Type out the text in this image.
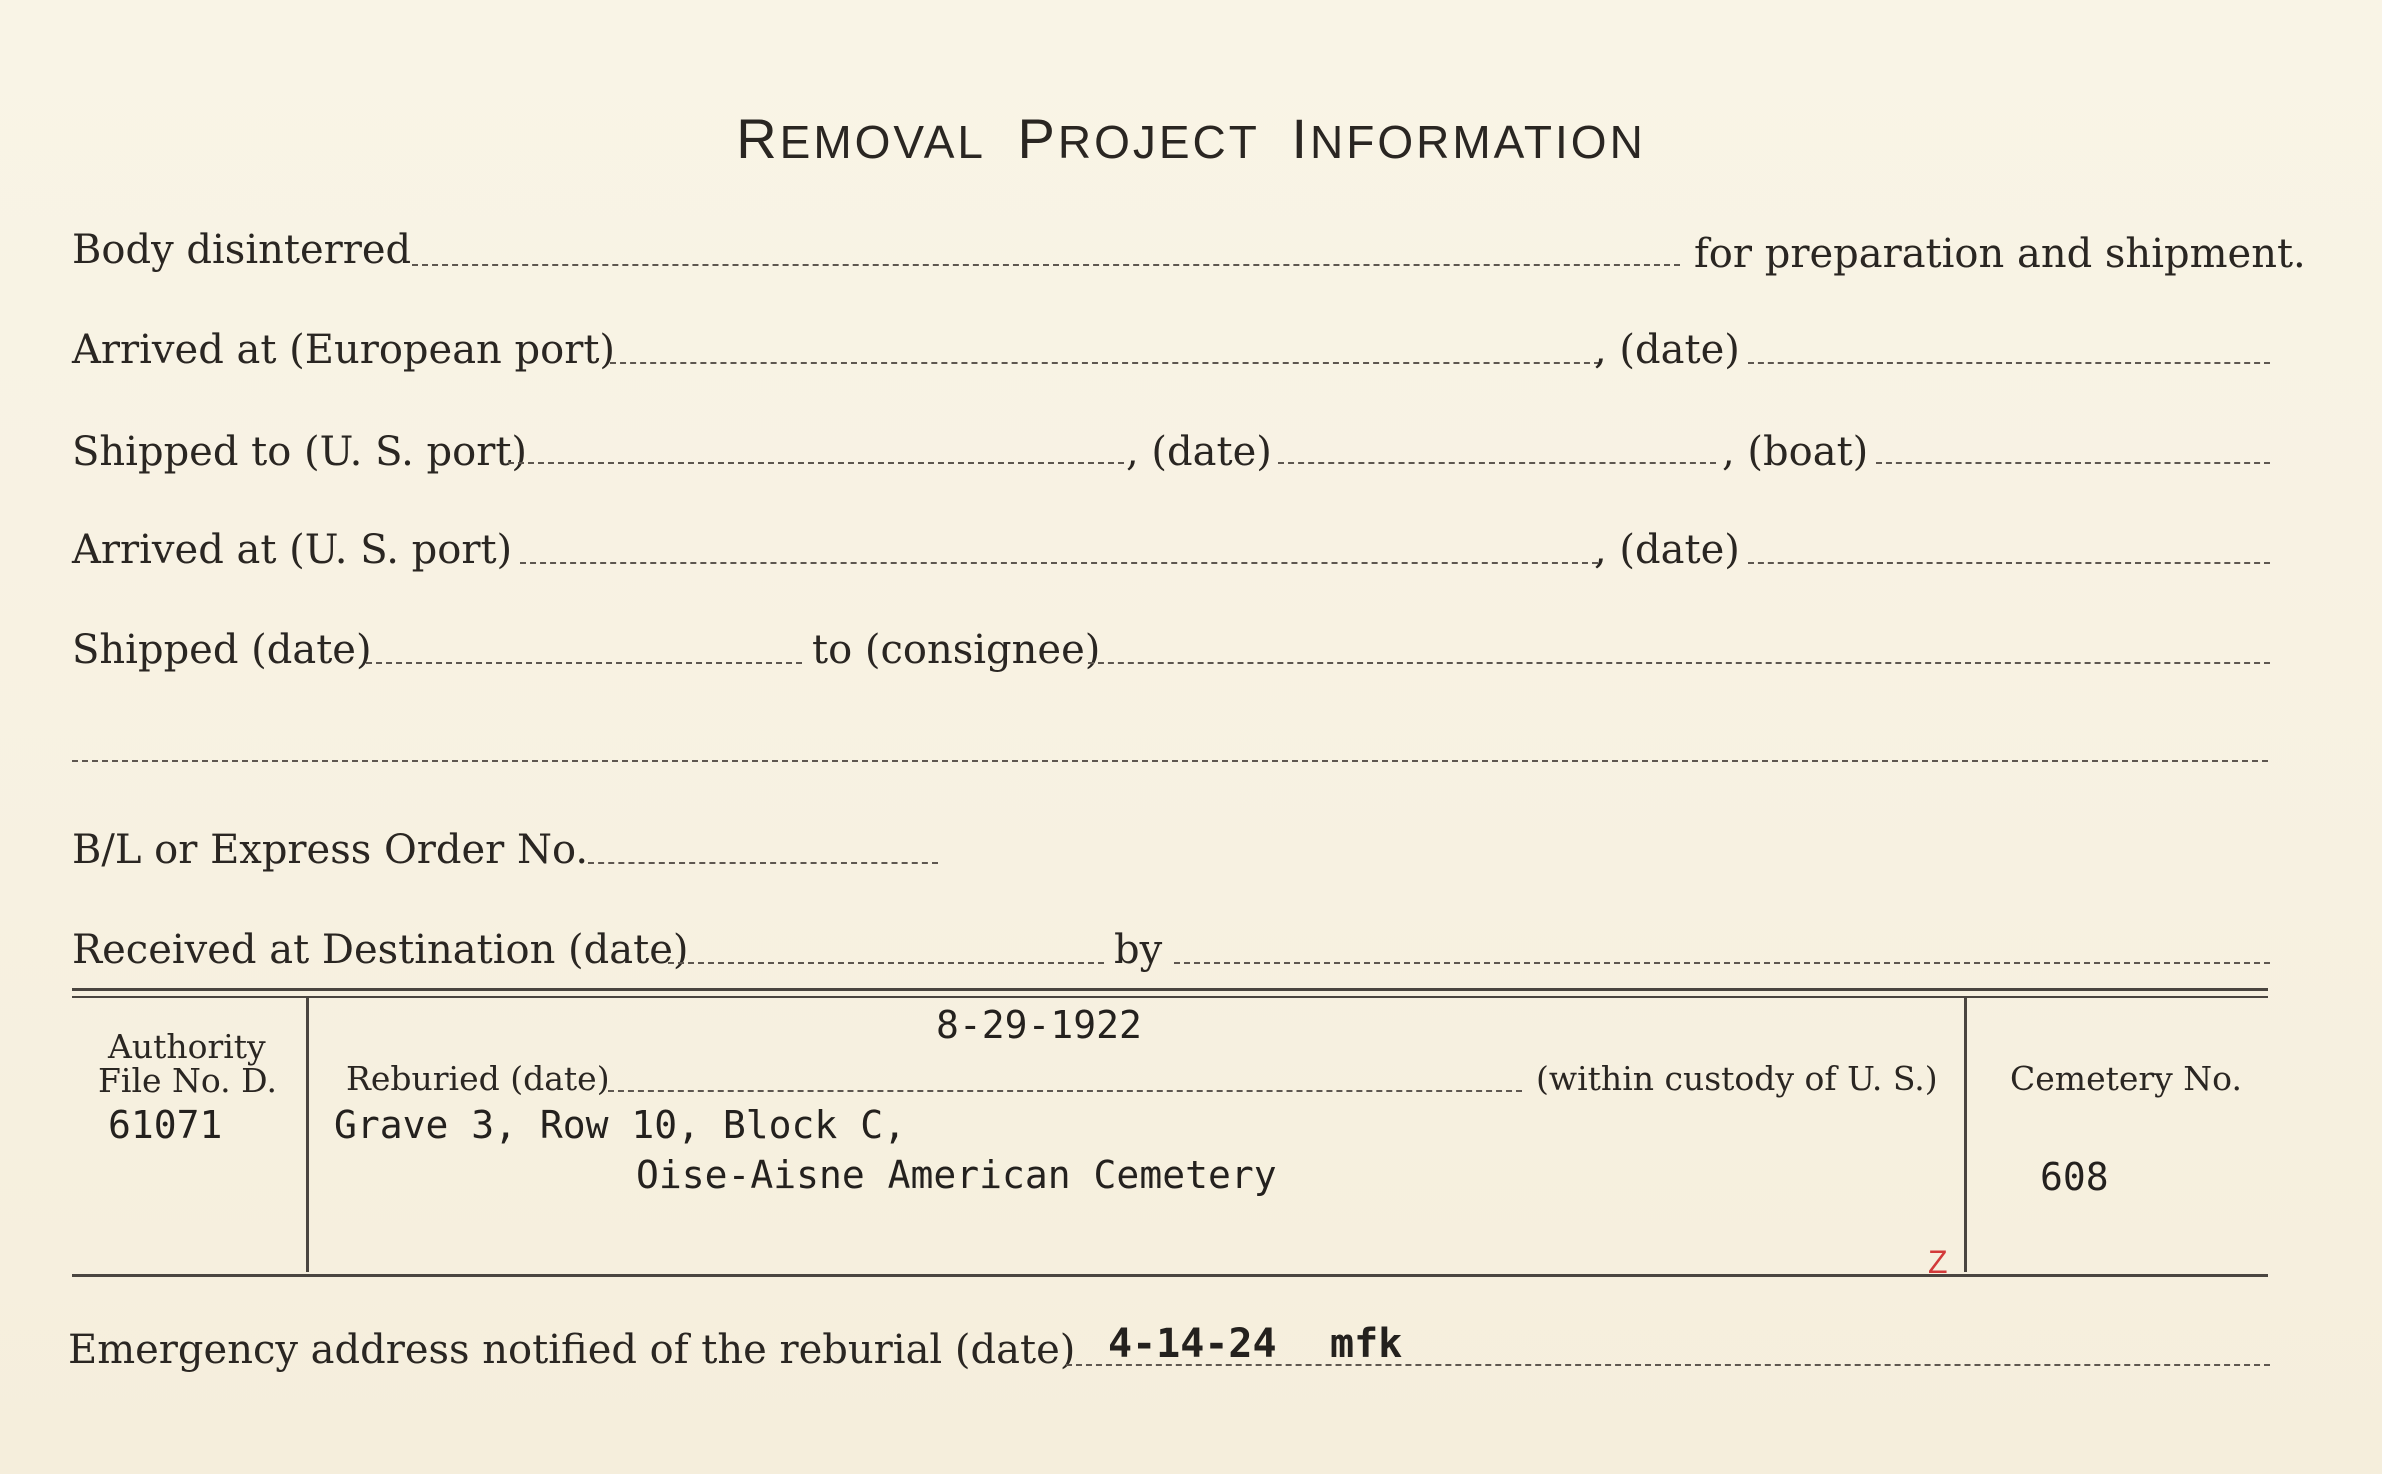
REMOVAL PROJECT INFORMATION
Body disinterred	for preparation and shipment.
Arrived at (European port)	, (date)
Shipped to (U. S. port)	, (date)	, (boat)
Arrived at (U. S. port)	, (date)
Shipped (date)	to (consignee)
B/L or Express Order No.
Received at Destination (date)	by
Authority
File No. D.
61071
8-29-1922
Reburied (date)	(within custody of U. S.)
Grave 3, Row 10, Block C,
Oise-Aisne American Cemetery
Cemetery No.
608
Z
Emergency address notified of the reburial (date) 4-14-24 mfk
